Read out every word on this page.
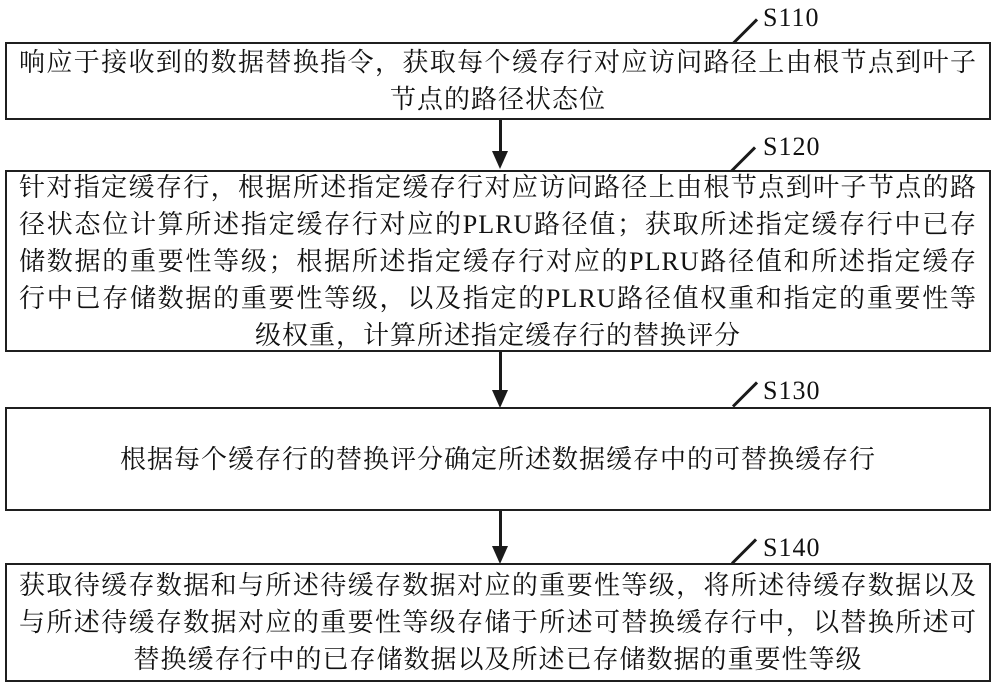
S110

响应于接收到的数据替换指令，获取每个缓存行对应访问路径上由根节点到叶子节点的路径状态位

S120

针对指定缓存行，根据所述指定缓存行对应访问路径上由根节点到叶子节点的路径状态位计算所述指定缓存行对应的PLRU路径值；获取所述指定缓存行中已存储数据的重要性等级；根据所述指定缓存行对应的PLRU路径值和所述指定缓存行中已存储数据的重要性等级，以及指定的PLRU路径值权重和指定的重要性等级权重，计算所述指定缓存行的替换评分

S130

根据每个缓存行的替换评分确定所述数据缓存中的可替换缓存行

S140

获取待缓存数据和与所述待缓存数据对应的重要性等级，将所述待缓存数据以及与所述待缓存数据对应的重要性等级存储于所述可替换缓存行中，以替换所述可替换缓存行中的已存储数据以及所述已存储数据的重要性等级
